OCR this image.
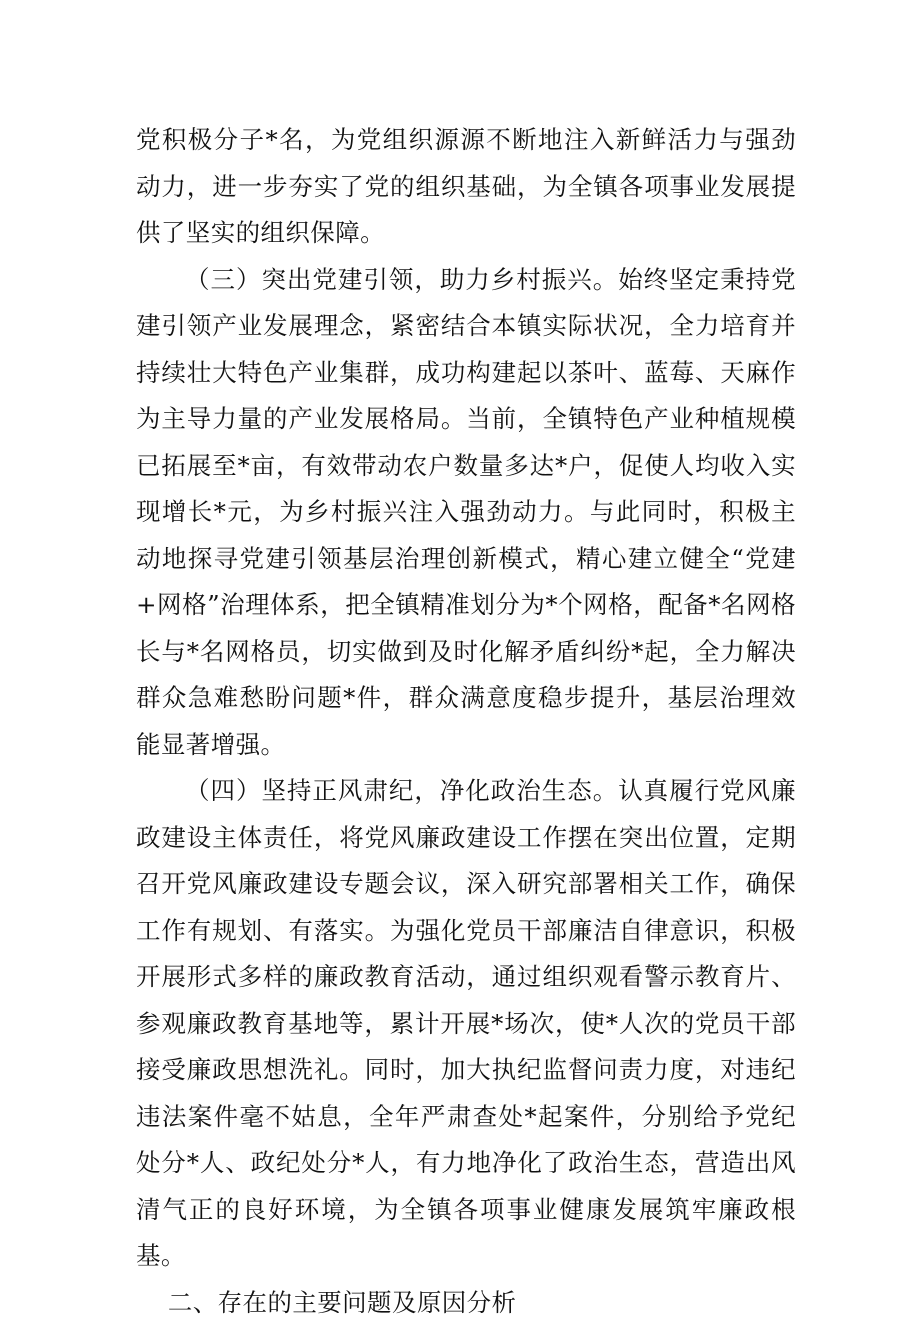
党积极分子*名，为党组织源源不断地注入新鲜活力与强劲动力，进一步夯实了党的组织基础，为全镇各项事业发展提供了坚实的组织保障。

（三）突出党建引领，助力乡村振兴。始终坚定秉持党建引领产业发展理念，紧密结合本镇实际状况，全力培育并持续壮大特色产业集群，成功构建起以茶叶、蓝莓、天麻作为主导力量的产业发展格局。当前，全镇特色产业种植规模已拓展至*亩，有效带动农户数量多达*户，促使人均收入实现增长*元，为乡村振兴注入强劲动力。与此同时，积极主动地探寻党建引领基层治理创新模式，精心建立健全“党建+网格”治理体系，把全镇精准划分为*个网格，配备*名网格长与*名网格员，切实做到及时化解矛盾纠纷*起，全力解决群众急难愁盼问题*件，群众满意度稳步提升，基层治理效能显著增强。

（四）坚持正风肃纪，净化政治生态。认真履行党风廉政建设主体责任，将党风廉政建设工作摆在突出位置，定期召开党风廉政建设专题会议，深入研究部署相关工作，确保工作有规划、有落实。为强化党员干部廉洁自律意识，积极开展形式多样的廉政教育活动，通过组织观看警示教育片、参观廉政教育基地等，累计开展*场次，使*人次的党员干部接受廉政思想洗礼。同时，加大执纪监督问责力度，对违纪违法案件毫不姑息，全年严肃查处*起案件，分别给予党纪处分*人、政纪处分*人，有力地净化了政治生态，营造出风清气正的良好环境，为全镇各项事业健康发展筑牢廉政根基。

二、存在的主要问题及原因分析
